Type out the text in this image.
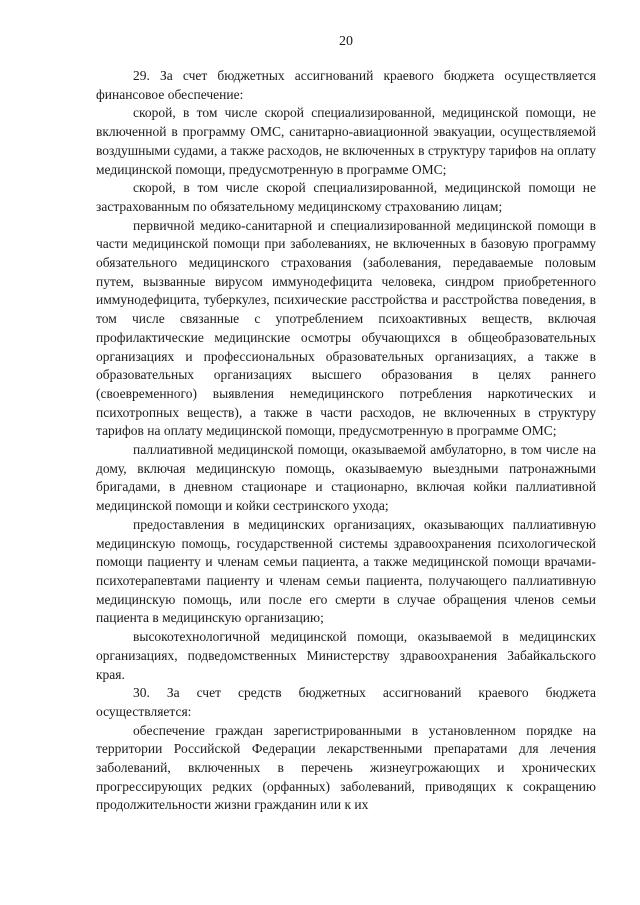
20

29. За счет бюджетных ассигнований краевого бюджета осуществляется финансовое обеспечение:

скорой, в том числе скорой специализированной, медицинской помощи, не включенной в программу ОМС, санитарно-авиационной эвакуации, осуществляемой воздушными судами, а также расходов, не включенных в структуру тарифов на оплату медицинской помощи, предусмотренную в программе ОМС;

скорой, в том числе скорой специализированной, медицинской помощи не застрахованным по обязательному медицинскому страхованию лицам;

первичной медико-санитарной и специализированной медицинской помощи в части медицинской помощи при заболеваниях, не включенных в базовую программу обязательного медицинского страхования (заболевания, передаваемые половым путем, вызванные вирусом иммунодефицита человека, синдром приобретенного иммунодефицита, туберкулез, психические расстройства и расстройства поведения, в том числе связанные с употреблением психоактивных веществ, включая профилактические медицинские осмотры обучающихся в общеобразовательных организациях и профессиональных образовательных организациях, а также в образовательных организациях высшего образования в целях раннего (своевременного) выявления немедицинского потребления наркотических и психотропных веществ), а также в части расходов, не включенных в структуру тарифов на оплату медицинской помощи, предусмотренную в программе ОМС;

паллиативной медицинской помощи, оказываемой амбулаторно, в том числе на дому, включая медицинскую помощь, оказываемую выездными патронажными бригадами, в дневном стационаре и стационарно, включая койки паллиативной медицинской помощи и койки сестринского ухода;

предоставления в медицинских организациях, оказывающих паллиативную медицинскую помощь, государственной системы здравоохранения психологической помощи пациенту и членам семьи пациента, а также медицинской помощи врачами-психотерапевтами пациенту и членам семьи пациента, получающего паллиативную медицинскую помощь, или после его смерти в случае обращения членов семьи пациента в медицинскую организацию;

высокотехнологичной медицинской помощи, оказываемой в медицинских организациях, подведомственных Министерству здравоохранения Забайкальского края.

30. За счет средств бюджетных ассигнований краевого бюджета осуществляется:

обеспечение граждан зарегистрированными в установленном порядке на территории Российской Федерации лекарственными препаратами для лечения заболеваний, включенных в перечень жизнеугрожающих и хронических прогрессирующих редких (орфанных) заболеваний, приводящих к сокращению продолжительности жизни гражданин или к их
